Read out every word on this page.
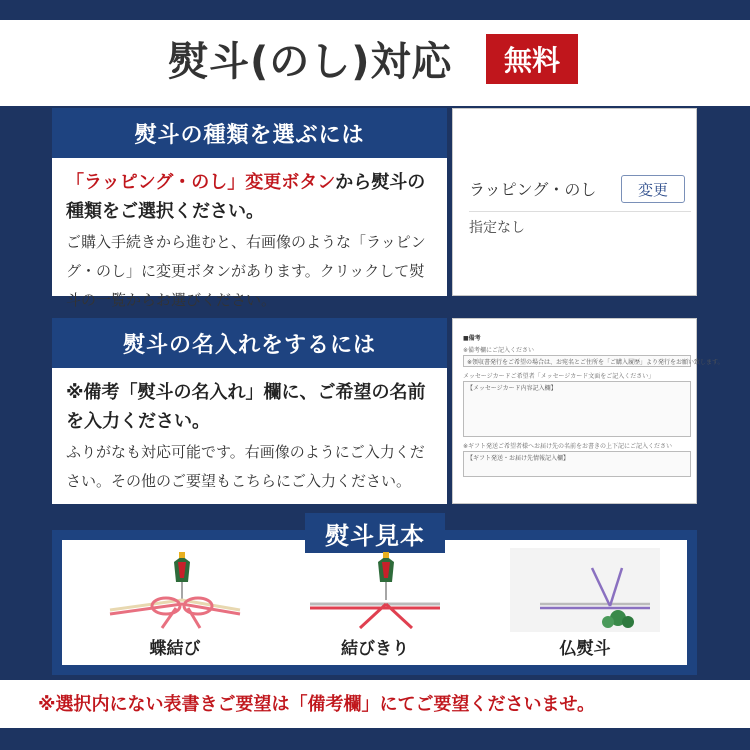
熨斗(のし)対応	無料
熨斗の種類を選ぶには
「ラッピング・のし」変更ボタンから熨斗の種類をご選択ください。
ご購入手続きから進むと、右画像のような「ラッピング・のし」に変更ボタンがあります。クリックして熨斗の一覧からお選びください。
ラッピング・のし	変更
指定なし
熨斗の名入れをするには
※備考「熨斗の名入れ」欄に、ご希望の名前を入力ください。
ふりがなも対応可能です。右画像のようにご入力ください。その他のご要望もこちらにご入力ください。
■備考
※備考欄にご記入ください
※領収書発行をご希望の場合は、お宛名とご住所を「ご購入履歴」より発行をお願い致します。
メッセージカードご希望者「メッセージカード文面をご記入ください」
【メッセージカード内容記入欄】
※ギフト発送ご希望者様へお届け先の名前をお書きの上下記にご記入ください
【ギフト発送・お届け先情報記入欄】
熨斗見本
蝶結び	結びきり	仏熨斗
※選択内にない表書きご要望は「備考欄」にてご要望くださいませ。
